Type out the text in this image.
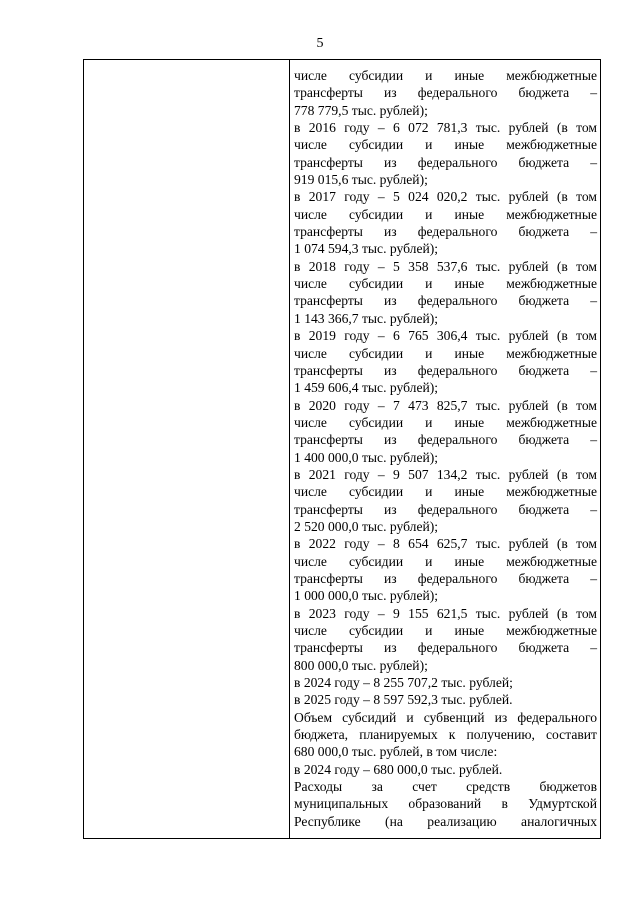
5
числе субсидии и иные межбюджетные
трансферты из федерального бюджета –
778 779,5 тыс. рублей);
в 2016 году – 6 072 781,3 тыс. рублей (в том
числе субсидии и иные межбюджетные
трансферты из федерального бюджета –
919 015,6 тыс. рублей);
в 2017 году – 5 024 020,2 тыс. рублей (в том
числе субсидии и иные межбюджетные
трансферты из федерального бюджета –
1 074 594,3 тыс. рублей);
в 2018 году – 5 358 537,6 тыс. рублей (в том
числе субсидии и иные межбюджетные
трансферты из федерального бюджета –
1 143 366,7 тыс. рублей);
в 2019 году – 6 765 306,4 тыс. рублей (в том
числе субсидии и иные межбюджетные
трансферты из федерального бюджета –
1 459 606,4 тыс. рублей);
в 2020 году – 7 473 825,7 тыс. рублей (в том
числе субсидии и иные межбюджетные
трансферты из федерального бюджета –
1 400 000,0 тыс. рублей);
в 2021 году – 9 507 134,2 тыс. рублей (в том
числе субсидии и иные межбюджетные
трансферты из федерального бюджета –
2 520 000,0 тыс. рублей);
в 2022 году – 8 654 625,7 тыс. рублей (в том
числе субсидии и иные межбюджетные
трансферты из федерального бюджета –
1 000 000,0 тыс. рублей);
в 2023 году – 9 155 621,5 тыс. рублей (в том
числе субсидии и иные межбюджетные
трансферты из федерального бюджета –
800 000,0 тыс. рублей);
в 2024 году – 8 255 707,2 тыс. рублей;
в 2025 году – 8 597 592,3 тыс. рублей.
Объем субсидий и субвенций из федерального
бюджета, планируемых к получению, составит
680 000,0 тыс. рублей, в том числе:
в 2024 году – 680 000,0 тыс. рублей.
Расходы за счет средств бюджетов
муниципальных образований в Удмуртской
Республике (на реализацию аналогичных
